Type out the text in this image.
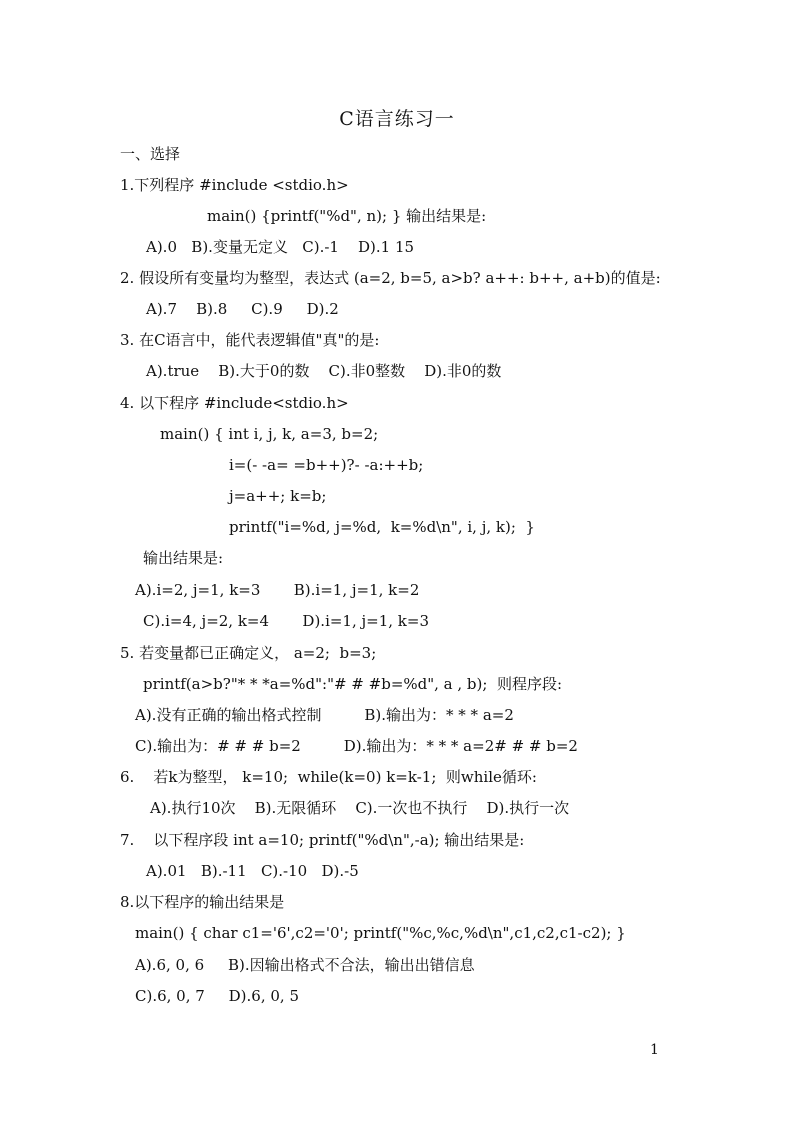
C语言练习一
一、选择
1.下列程序 #include <stdio.h>
main() {printf("%d", n); } 输出结果是:
A).0   B).变量无定义   C).-1    D).1 15
2. 假设所有变量均为整型，表达式 (a=2, b=5, a>b? a++: b++, a+b)的值是:
A).7    B).8     C).9     D).2
3. 在C语言中，能代表逻辑值"真"的是:
A).true    B).大于0的数    C).非0整数    D).非0的数
4. 以下程序 #include<stdio.h>
main() { int i, j, k, a=3, b=2;
i=(- -a= =b++)?- -a:++b;
j=a++; k=b;
printf("i=%d, j=%d,  k=%d\n", i, j, k);  }
输出结果是:
A).i=2, j=1, k=3       B).i=1, j=1, k=2
C).i=4, j=2, k=4       D).i=1, j=1, k=3
5. 若变量都已正确定义， a=2;  b=3;
printf(a>b?"* * *a=%d":"# # #b=%d", a , b);  则程序段:
A).没有正确的输出格式控制         B).输出为：* * * a=2
C).输出为：# # # b=2         D).输出为：* * * a=2# # # b=2
6.    若k为整型， k=10;  while(k=0) k=k-1;  则while循环:
A).执行10次    B).无限循环    C).一次也不执行    D).执行一次
7.    以下程序段 int a=10; printf("%d\n",-a); 输出结果是:
A).01   B).-11   C).-10   D).-5
8.以下程序的输出结果是
main() { char c1='6',c2='0'; printf("%c,%c,%d\n",c1,c2,c1-c2); }
A).6, 0, 6     B).因输出格式不合法，输出出错信息
C).6, 0, 7     D).6, 0, 5
1
